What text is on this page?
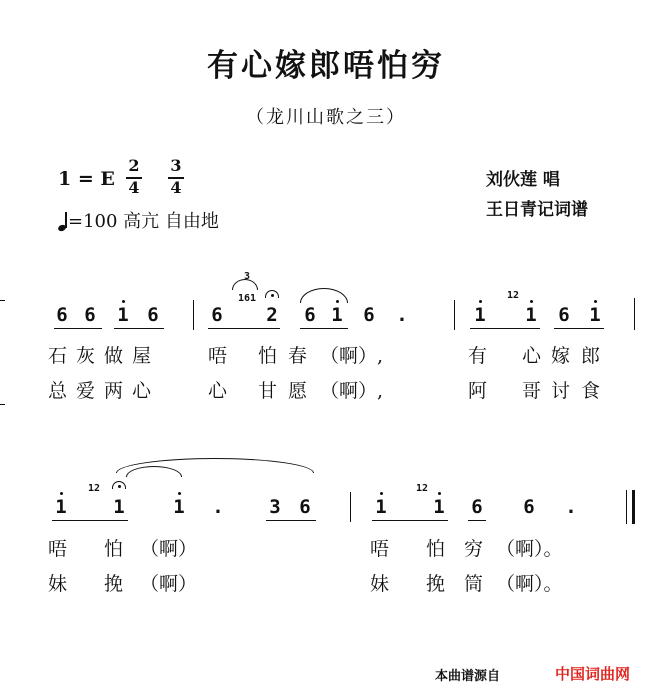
有心嫁郎唔怕穷
（龙川山歌之三）
1 = E
2
4
3
4
=100 高亢 自由地
刘伙莲 唱
王日青记词谱
6 6 1 6	6
161
3
2 6 1 6 .	1
12
1 6 1
石 灰 做 屋	唔 怕 春 （啊）,	有 心 嫁 郎
总 爱 两 心	心 甘 愿 （啊）,	阿 哥 讨 食
1
12
1	1 . 3 6	1
12
1 6 6 .
唔 怕 （啊）	唔 怕 穷 （啊）。
妹 挽 （啊）	妹 挽 筒 （啊）。
本曲谱源自	中国词曲网
